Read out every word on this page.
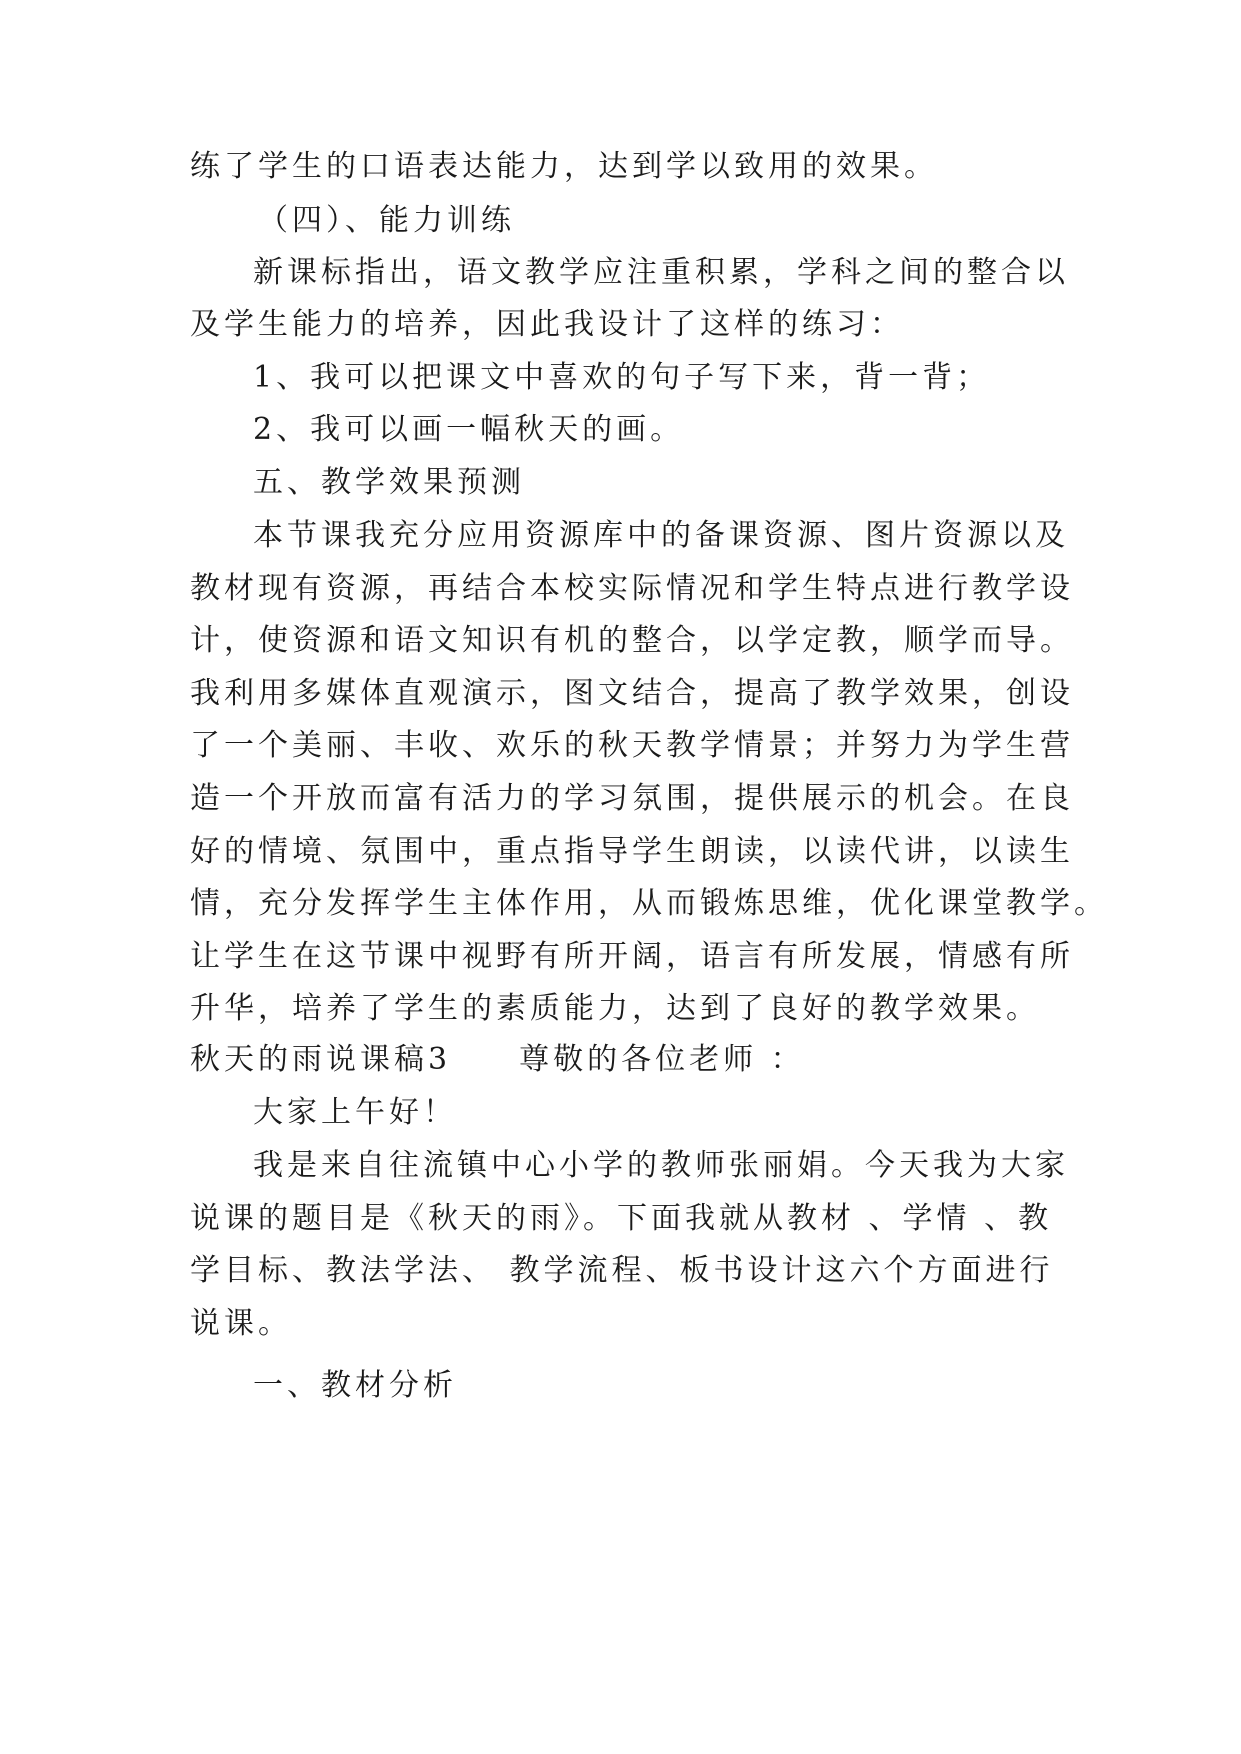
练了学生的口语表达能力，达到学以致用的效果。
（四）、能力训练
新课标指出，语文教学应注重积累，学科之间的整合以
及学生能力的培养，因此我设计了这样的练习：
1、我可以把课文中喜欢的句子写下来，背一背；
2、我可以画一幅秋天的画。
五、教学效果预测
本节课我充分应用资源库中的备课资源、图片资源以及
教材现有资源，再结合本校实际情况和学生特点进行教学设
计，使资源和语文知识有机的整合，以学定教，顺学而导。
我利用多媒体直观演示，图文结合，提高了教学效果，创设
了一个美丽、丰收、欢乐的秋天教学情景；并努力为学生营
造一个开放而富有活力的学习氛围，提供展示的机会。在良
好的情境、氛围中，重点指导学生朗读，以读代讲，以读生
情，充分发挥学生主体作用，从而锻炼思维，优化课堂教学。
让学生在这节课中视野有所开阔，语言有所发展，情感有所
升华，培养了学生的素质能力，达到了良好的教学效果。
秋天的雨说课稿3　　尊敬的各位老师 ：
大家上午好！
我是来自往流镇中心小学的教师张丽娟。今天我为大家
说课的题目是《秋天的雨》。下面我就从教材 、学情 、教
学目标、教法学法、 教学流程、板书设计这六个方面进行
说课。
一、教材分析
